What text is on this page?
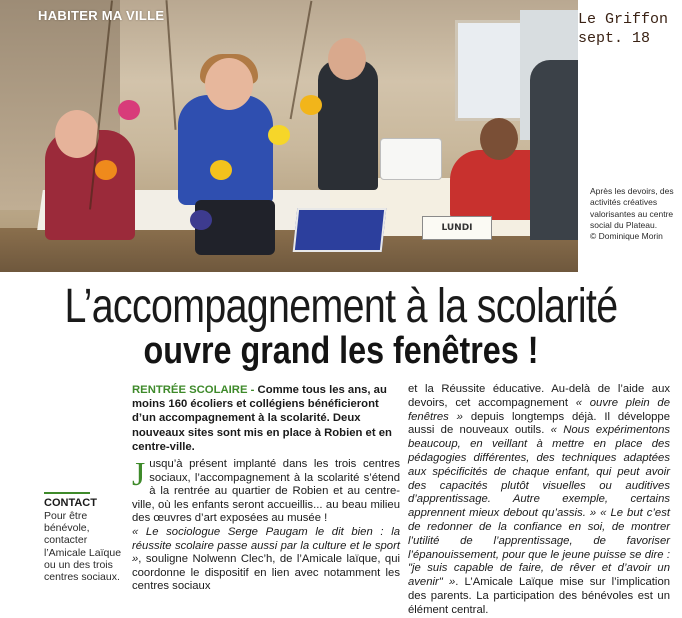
LUNDI
HABITER MA VILLE	Le Griffon
sept. 18
Après les devoirs, des activités créatives valorisantes au centre social du Plateau.
© Dominique Morin
L’accompagnement à la scolarité
ouvre grand les fenêtres !
RENTRÉE SCOLAIRE - Comme tous les ans, au moins 160 écoliers et collégiens bénéficieront d’un accompagnement à la scolarité. Deux nouveaux sites sont mis en place à Robien et en centre-ville.
CONTACT
Pour être bénévole, contacter l’Amicale Laïque ou un des trois centres sociaux.
Jusqu’à présent implanté dans les trois centres sociaux, l’accompagnement à la scolarité s’étend à la rentrée au quartier de Robien et au centre-ville, où les enfants seront accueillis... au beau milieu des œuvres d’art exposées au musée !
« Le sociologue Serge Paugam le dit bien : la réussite scolaire passe aussi par la culture et le sport », souligne Nolwenn Clec’h, de l’Amicale laïque, qui coordonne le dispositif en lien avec notamment les centres sociaux
et la Réussite éducative. Au-delà de l’aide aux devoirs, cet accompagnement « ouvre plein de fenêtres » depuis longtemps déjà. Il développe aussi de nouveaux outils. « Nous expérimentons beaucoup, en veillant à mettre en place des pédagogies différentes, des techniques adaptées aux spécificités de chaque enfant, qui peut avoir des capacités plutôt visuelles ou auditives d’apprentissage. Autre exemple, certains apprennent mieux debout qu’assis. » « Le but c’est de redonner de la confiance en soi, de montrer l’utilité de l’apprentissage, de favoriser l’épanouissement, pour que le jeune puisse se dire : "je suis capable de faire, de rêver et d’avoir un avenir" ». L’Amicale Laïque mise sur l’implication des parents. La participation des bénévoles est un élément central.
